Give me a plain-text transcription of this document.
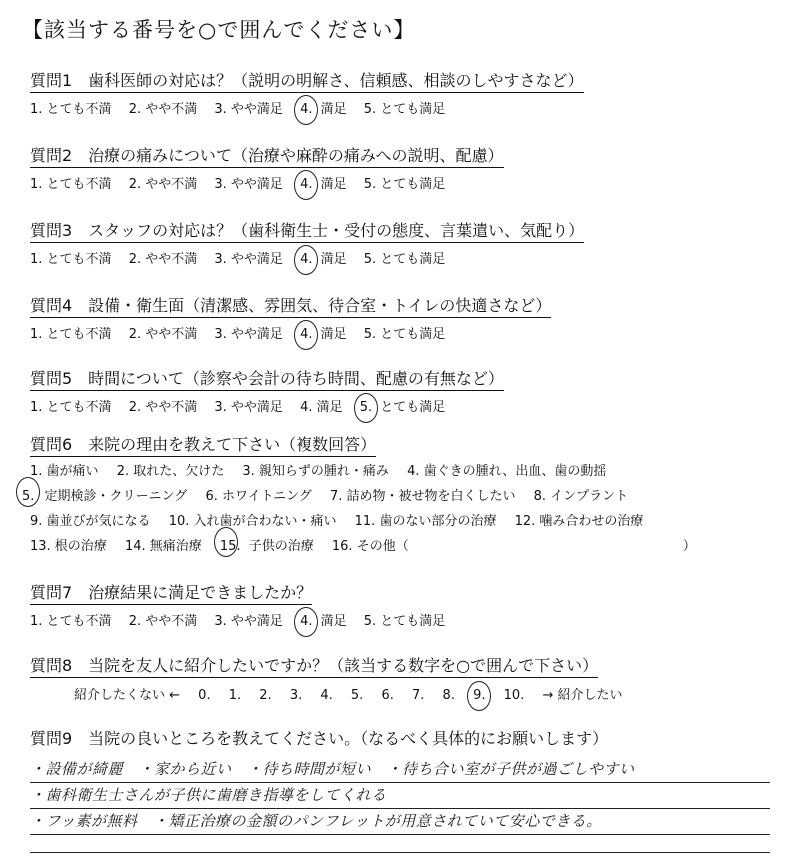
【該当する番号を○で囲んでください】
質問1　歯科医師の対応は？（説明の明解さ、信頼感、相談のしやすさなど）
1. とても不満 2. やや不満 3. やや満足 4. 満足 5. とても満足
質問2　治療の痛みについて（治療や麻酔の痛みへの説明、配慮）
1. とても不満 2. やや不満 3. やや満足 4. 満足 5. とても満足
質問3　スタッフの対応は？（歯科衛生士・受付の態度、言葉遣い、気配り）
1. とても不満 2. やや不満 3. やや満足 4. 満足 5. とても満足
質問4　設備・衛生面（清潔感、雰囲気、待合室・トイレの快適さなど）
1. とても不満 2. やや不満 3. やや満足 4. 満足 5. とても満足
質問5　時間について（診察や会計の待ち時間、配慮の有無など）
1. とても不満 2. やや不満 3. やや満足 4. 満足 5. とても満足
質問6　来院の理由を教えて下さい（複数回答）
1. 歯が痛い 2. 取れた、欠けた 3. 親知らずの腫れ・痛み 4. 歯ぐきの腫れ、出血、歯の動揺
5. 定期検診・クリーニング 6. ホワイトニング 7. 詰め物・被せ物を白くしたい 8. インプラント
9. 歯並びが気になる 10. 入れ歯が合わない・痛い 11. 歯のない部分の治療 12. 噛み合わせの治療
13. 根の治療 14. 無痛治療 15. 子供の治療 16. その他（	）
質問7　治療結果に満足できましたか？
1. とても不満 2. やや不満 3. やや満足 4. 満足 5. とても満足
質問8　当院を友人に紹介したいですか？（該当する数字を○で囲んで下さい）
紹介したくない ← 0. 1. 2. 3. 4. 5. 6. 7. 8. 9. 10. → 紹介したい
質問9　当院の良いところを教えてください。（なるべく具体的にお願いします）
・設備が綺麗　・家から近い　・待ち時間が短い　・待ち合い室が子供が過ごしやすい
・歯科衛生士さんが子供に歯磨き指導をしてくれる
・フッ素が無料　・矯正治療の金額のパンフレットが用意されていて安心できる。
